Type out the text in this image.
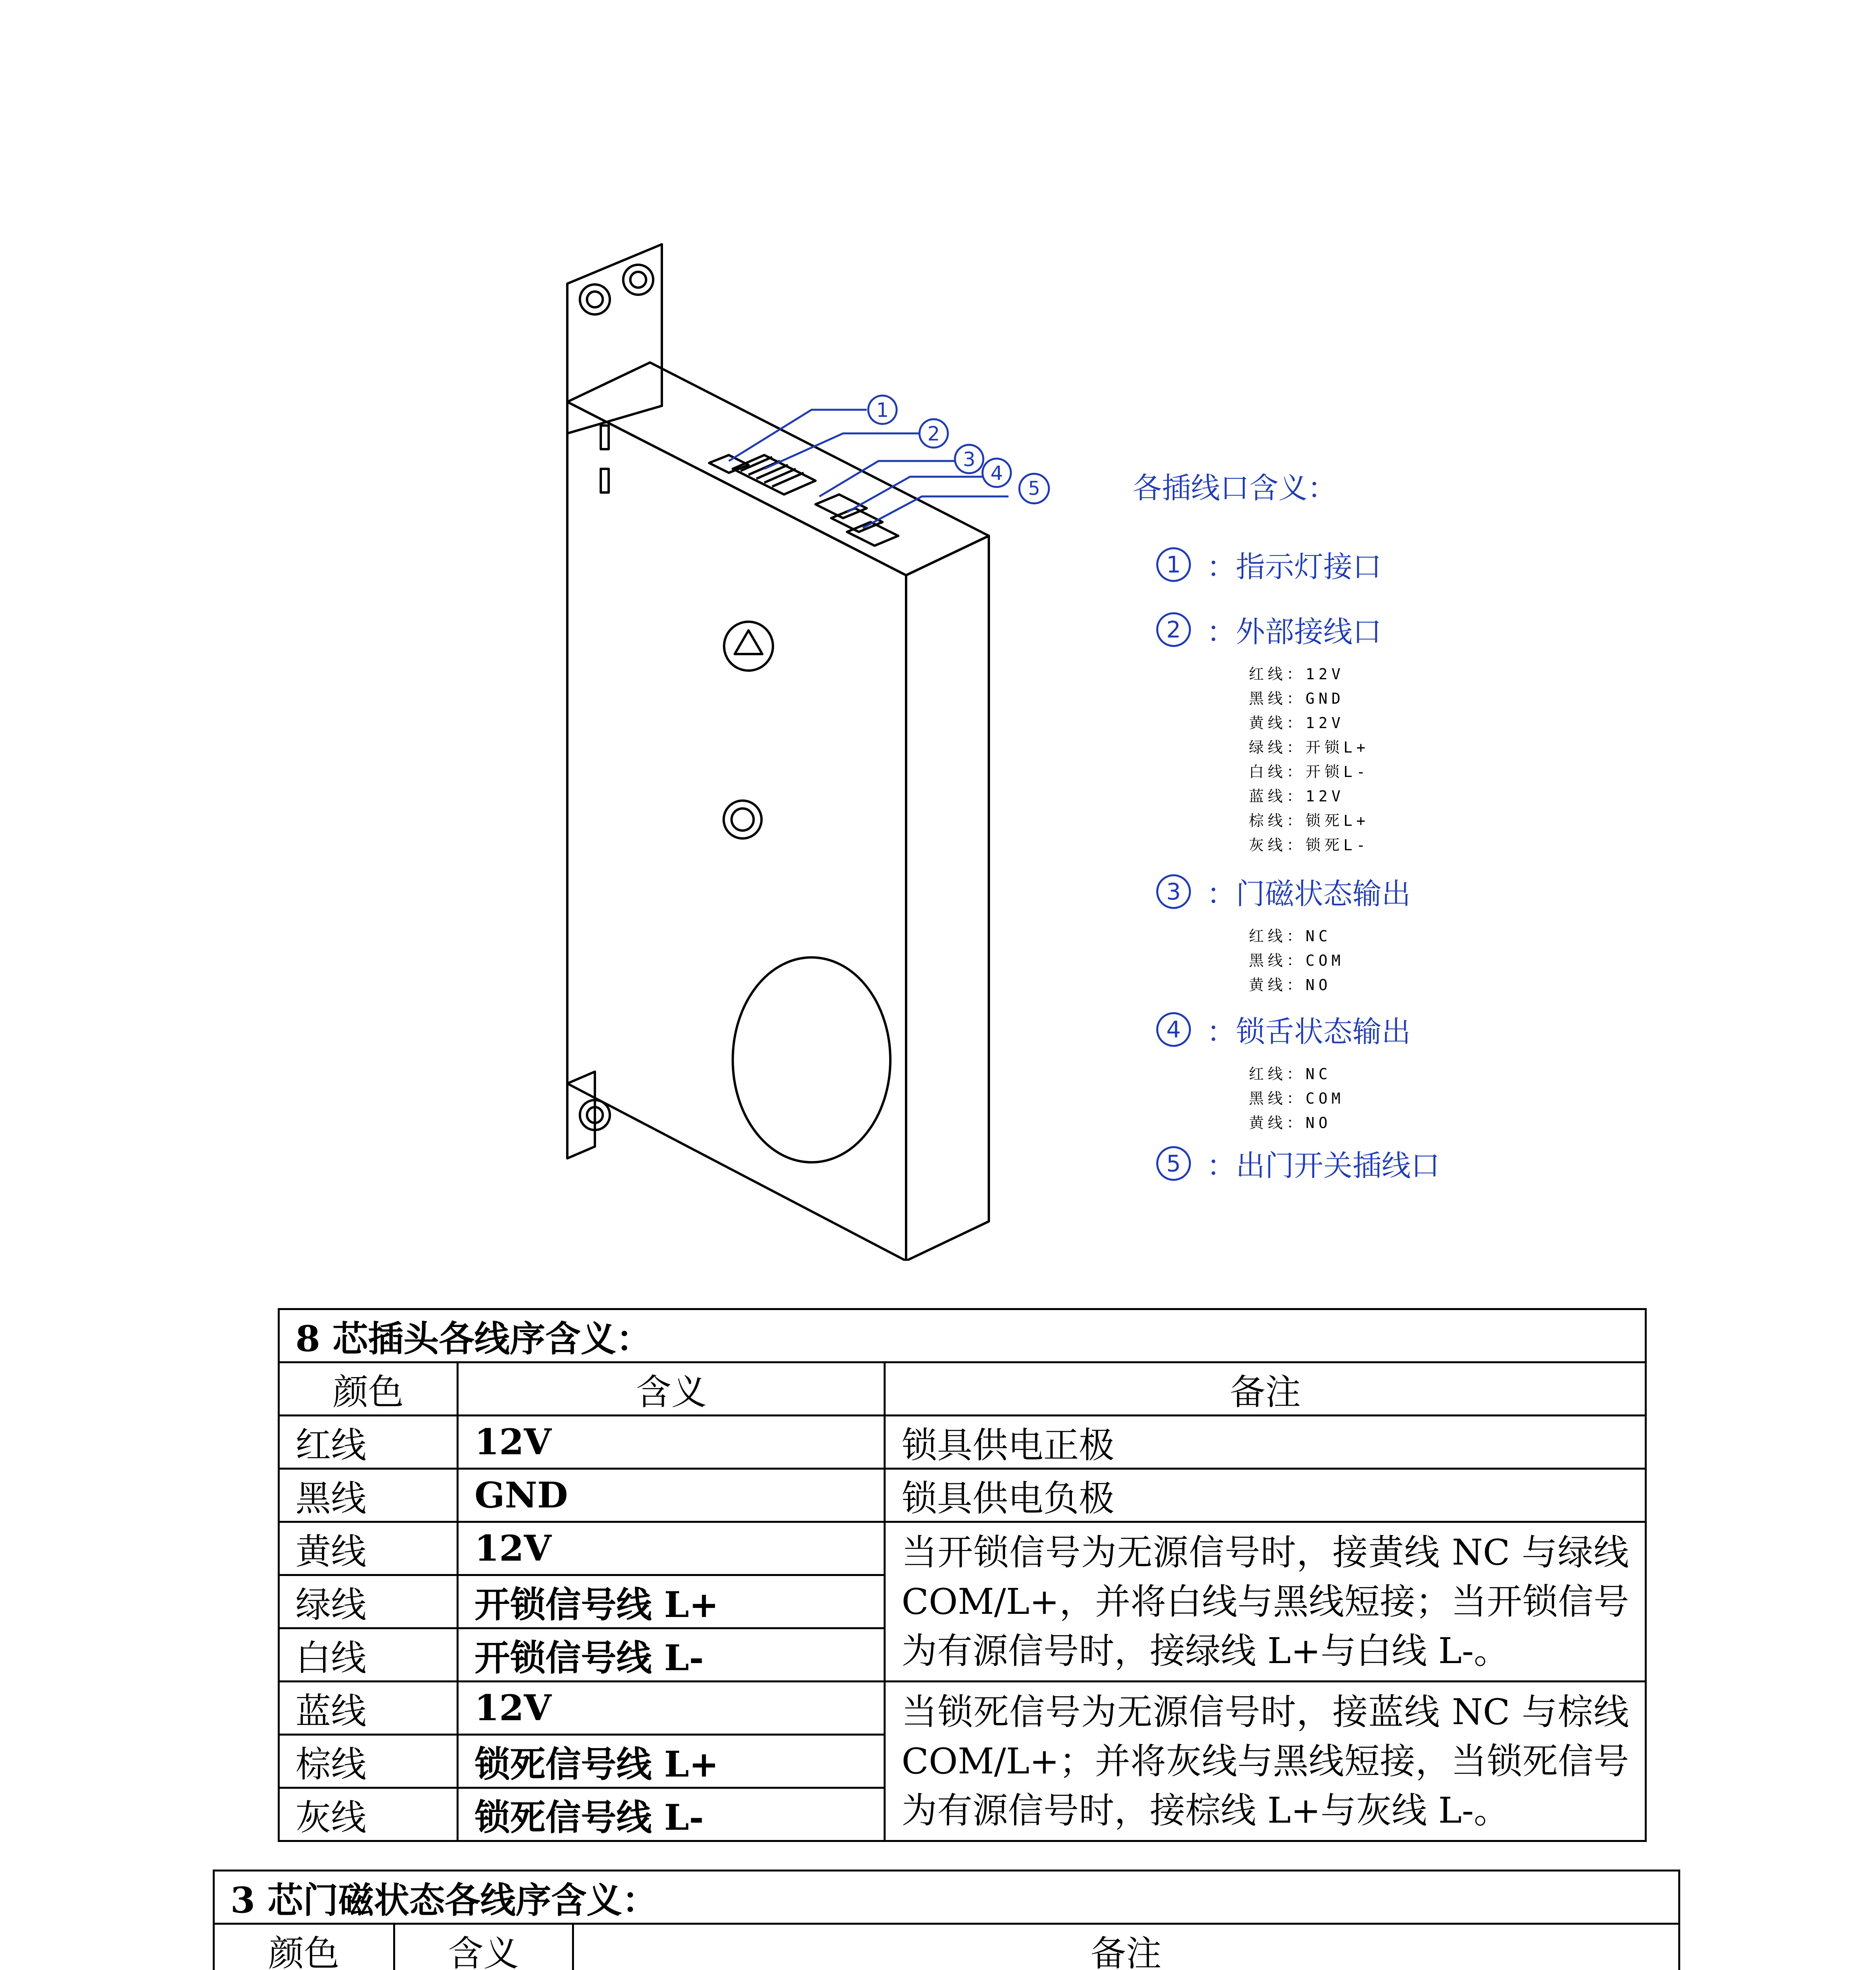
1
2
3
4
5	各插线口含义：
1 ：指示灯接口
2 ：外部接线口
红线：12V
黑线：GND
黄线：12V
绿线：开锁L+
白线：开锁L-
蓝线：12V
棕线：锁死L+
灰线：锁死L-
3 ：门磁状态输出
红线：NC
黑线：COM
黄线：NO
4 ：锁舌状态输出
红线：NC
黑线：COM
黄线：NO
5 ：出门开关插线口
8 芯插头各线序含义：		
颜色	含义	备注
红线	12V	锁具供电正极
黑线	GND	锁具供电负极
黄线	12V	当开锁信号为无源信号时，接黄线 NC 与绿线 COM/L+，并将白线与黑线短接；当开锁信号为有源信号时，接绿线 L+与白线 L-。
绿线	开锁信号线 L+	
白线	开锁信号线 L-	
蓝线	12V	当锁死信号为无源信号时，接蓝线 NC 与棕线 COM/L+；并将灰线与黑线短接，当锁死信号为有源信号时，接棕线 L+与灰线 L-。
棕线	锁死信号线 L+	
灰线	锁死信号线 L-	
3 芯门磁状态各线序含义：		
颜色	含义	备注
